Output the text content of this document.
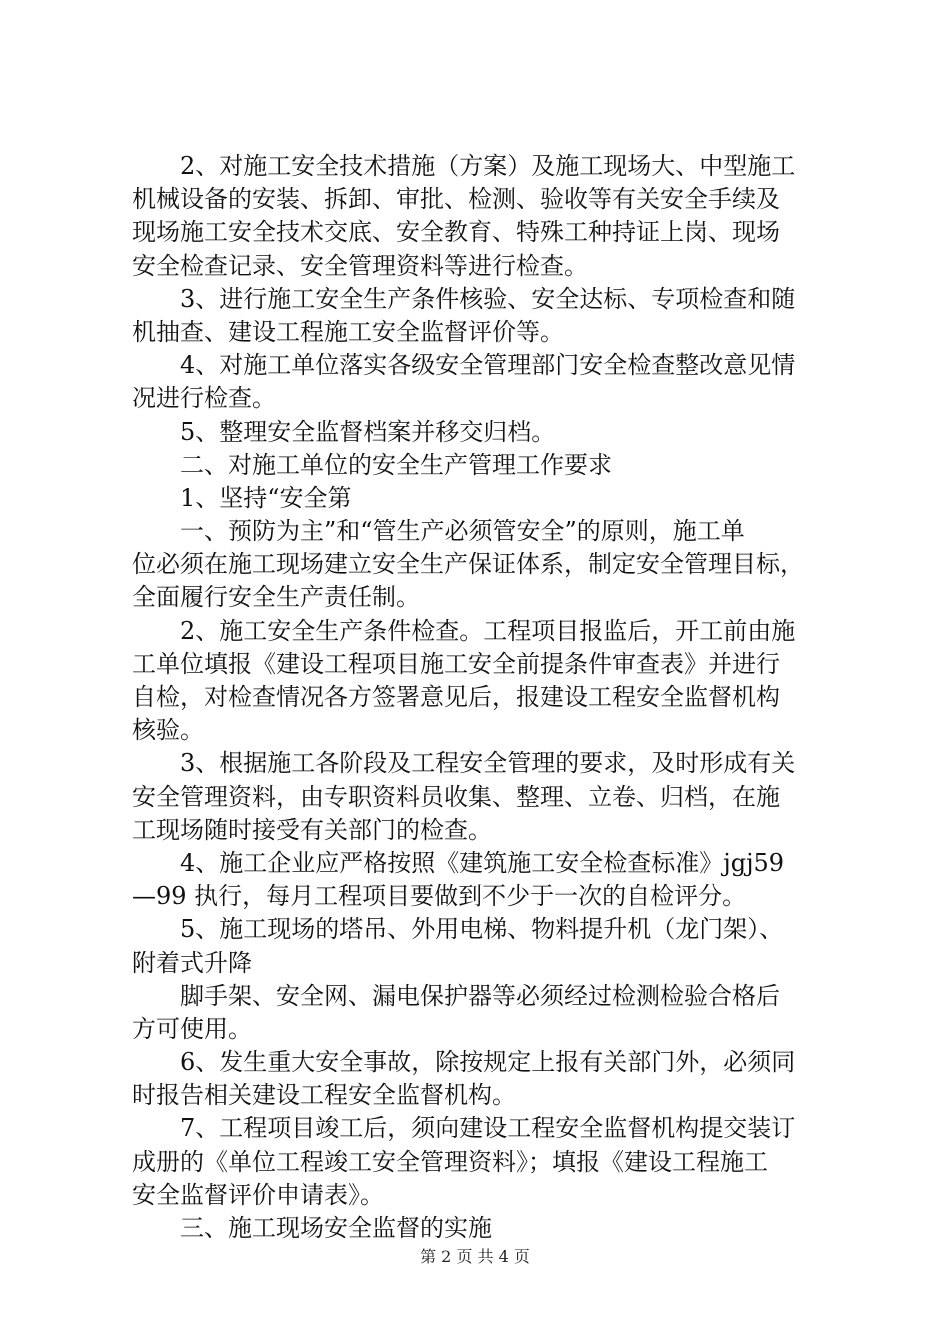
　　2、对施工安全技术措施（方案）及施工现场大、中型施工
机械设备的安装、拆卸、审批、检测、验收等有关安全手续及
现场施工安全技术交底、安全教育、特殊工种持证上岗、现场
安全检查记录、安全管理资料等进行检查。
　　3、进行施工安全生产条件核验、安全达标、专项检查和随
机抽查、建设工程施工安全监督评价等。
　　4、对施工单位落实各级安全管理部门安全检查整改意见情
况进行检查。
　　5、整理安全监督档案并移交归档。
　　二、对施工单位的安全生产管理工作要求
　　1、坚持“安全第
　　一、预防为主”和“管生产必须管安全”的原则，施工单
位必须在施工现场建立安全生产保证体系，制定安全管理目标，
全面履行安全生产责任制。
　　2、施工安全生产条件检查。工程项目报监后，开工前由施
工单位填报《建设工程项目施工安全前提条件审查表》并进行
自检，对检查情况各方签署意见后，报建设工程安全监督机构
核验。
　　3、根据施工各阶段及工程安全管理的要求，及时形成有关
安全管理资料，由专职资料员收集、整理、立卷、归档，在施
工现场随时接受有关部门的检查。
　　4、施工企业应严格按照《建筑施工安全检查标准》jgj59
—99 执行，每月工程项目要做到不少于一次的自检评分。
　　5、施工现场的塔吊、外用电梯、物料提升机（龙门架）、
附着式升降
　　脚手架、安全网、漏电保护器等必须经过检测检验合格后
方可使用。
　　6、发生重大安全事故，除按规定上报有关部门外，必须同
时报告相关建设工程安全监督机构。
　　7、工程项目竣工后，须向建设工程安全监督机构提交装订
成册的《单位工程竣工安全管理资料》；填报《建设工程施工
安全监督评价申请表》。
　　三、施工现场安全监督的实施
第 2 页 共 4 页
